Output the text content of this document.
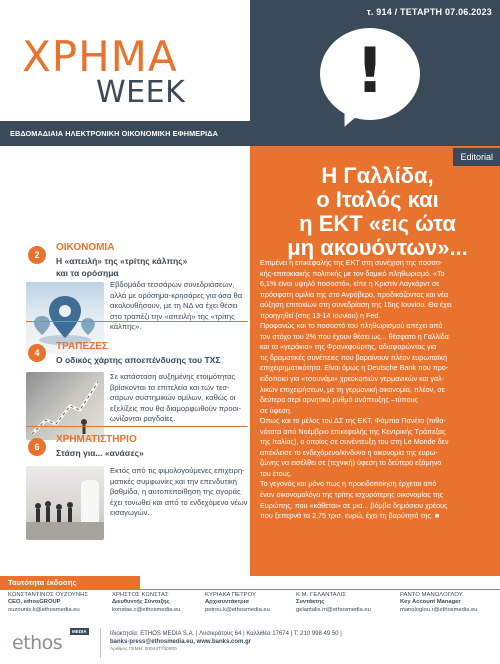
ΧΡΗΜΑ
WEEK
ΕΒΔΟΜΑΔΙΑΙΑ ΗΛΕΚΤΡΟΝΙΚΗ ΟΙΚΟΝΟΜΙΚΗ ΕΦΗΜΕΡΙΔΑ
τ. 914 / ΤΕΤΑΡΤΗ 07.06.2023
!
2
ΟΙΚΟΝΟΜΙΑ
Η «απειλή» της «τρίτης κάλπης»
και τα ορόσημα
Εβδομάδα τεσσάρων συνεδριάσεων,
αλλά με ορόσημα-κρησάρες για όσα θα
ακολουθήσουν, με τη ΝΔ να έχει θέσει
στο τραπέζι την «απειλή» της «τρίτης
κάλπης».
4
ΤΡΑΠΕΖΕΣ
Ο οδικός χάρτης αποεπένδυσης του ΤΧΣ
Σε κατάσταση αυξημένης ετοιμότητας
βρίσκονται τα επιτελεία και των τεσ-
σάρων συστημικών ομίλων, καθώς οι
εξελίξεις που θα διαμορφωθούν προοι-
ωνίζονται ραγδαίες.
6
ΧΡΗΜΑΤΙΣΤΗΡΙΟ
Στάση για... «ανάσες»
Εκτός από τις φιμολογούμενες επιχειρη-
ματικές συμφωνίες και την επενδυτική
βαθμίδα, η αυτοπεποίθηση της αγοράς
έχει τονωθεί και από το ενδεχόμενο νέων
εισαγωγών.
Editorial
Η Γαλλίδα,
ο Ιταλός και
η ΕΚΤ «εις ώτα
μη ακουόντων»...

Επιμένει η επικεφαλής της ΕΚΤ στη συνέχιση της ποσοτι-

κής-επιτοκιακής πολιτικής με τον δομικό πληθωρισμό. «Το

6,1% είναι υψηλό ποσοστό», είπε η Κριστίν Λαγκάρντ σε

πρόσφατη ομιλία της στο Ανρόβερο, προδικάζοντας και νέα

αύξηση επιτοκίων στη συνεδρίαση της 15ης Ιουνίου. Θα έχει

προηγηθεί (στις 13-14 Ιουνίου) η Fed.

Προφανώς και το ποσοστό του πληθωρισμού απέχει από

τον στόχο του 2% που έχουν θέσει ως... θέσφατο η Γαλλίδα

και τα «γεράκια» της Φρανκφούρτης, αδιαφορώντας για

τις δραματικές συνέπειες που βαραίνουν πλέον ευρωπαϊκή

επιχειρηματικότητα. Είναι όμως η Deutsche Bank που προ-

ειδοποιεί για «τσουνάμι» χρεοκοπιών γερμανικών και γαλ-

λικών επιχειρήσεων, με τη γερμανική οικονομία, πλέον, σε

δεύτερο σερί αρνητικό ρυθμό ανάπτυξης –τύπους

σε ύφεση.

Όπως και το μέλος του ΔΣ της ΕΚΤ, Φάμπιο Πανέτα (πιθα-

νότατα από Νοέμβριο επικεφαλής της Κεντρικής Τράπεζας

της Ιταλίας), ο οποίος σε συνέντευξη του στη Le Monde δεν

απέκλεισε το ενδεχόμενο/κίνδυνο η οικονομία της ευρω-

ζώνης να εισέλθει σε (τεχνική) ύφεση το δεύτερο εξάμηνο

του έτους.

Το γεγονός και μόνο πως η προειδοποίηση έρχεται από

έναν οικονομολόγο της τρίτης ισχυρότερης οικονομίας της

Ευρώπης, που «κάθεται» σε μια... βόμβα δημόσιου χρέους

που ξεπερνά τα 2,75 τρισ. ευρώ, έχει τη βαρύτητά της. ■

Ταυτότητα έκδοσης
ΚΩΝΣΤΑΝΤΙΝΟΣ ΟΥΖΟΥΝΗΣ
CEO, ethosGROUP
ouzounis.k@ethosmedia.eu
ΧΡΗΣΤΟΣ ΚΩΝΣΤΑΣ
Διευθυντής Σύνταξης
konstas.c@ethosmedia.eu
ΚΥΡΙΑΚΑ ΠΕΤΡΟΥ
Αρχισυντάκτρια
petrou.k@ethosmedia.eu
Κ.Μ. ΓΕΛΑΝΤΑΛΙΣ
Συντάκτης
gelantalis.m@ethosmedia.eu
ΡΑΝΤΟ ΜΑΝΩΛΟΓΛΟΥ
Key Account Manager
manologlou.r@ethosmedia.eu
ethos
MEDIA	Ιδιοκτησία: ETHOS MEDIA S.A. | Λυσικράτους 64 | Καλλιθέα 17674 | T: 210 998 49 50 |
banks-press@ethosmedia.eu, www.banks.com.gr
Αριθμός ΓΕΜΗ: 000447740000
